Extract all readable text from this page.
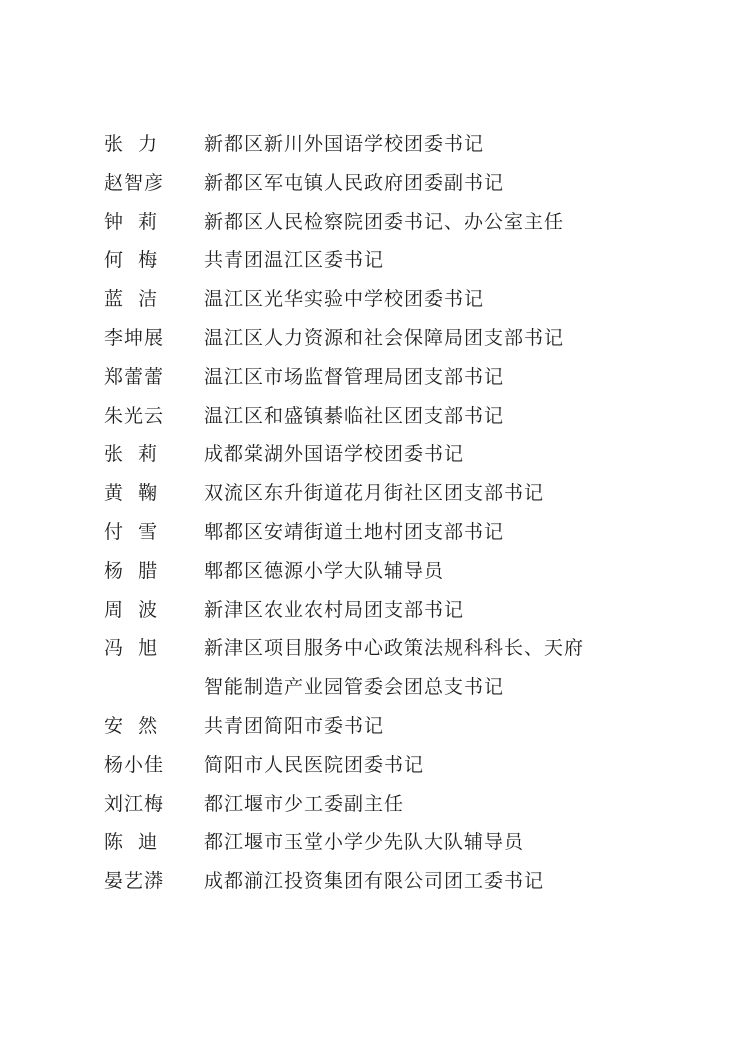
张  力	新都区新川外国语学校团委书记
赵智彦	新都区军屯镇人民政府团委副书记
钟  莉	新都区人民检察院团委书记、办公室主任
何  梅	共青团温江区委书记
蓝  洁	温江区光华实验中学校团委书记
李坤展	温江区人力资源和社会保障局团支部书记
郑蕾蕾	温江区市场监督管理局团支部书记
朱光云	温江区和盛镇綦临社区团支部书记
张  莉	成都棠湖外国语学校团委书记
黄  鞠	双流区东升街道花月街社区团支部书记
付  雪	郫都区安靖街道土地村团支部书记
杨  腊	郫都区德源小学大队辅导员
周  波	新津区农业农村局团支部书记
冯  旭	新津区项目服务中心政策法规科科长、天府
智能制造产业园管委会团总支书记
安  然	共青团简阳市委书记
杨小佳	简阳市人民医院团委书记
刘江梅	都江堰市少工委副主任
陈  迪	都江堰市玉堂小学少先队大队辅导员
晏艺漭	成都湔江投资集团有限公司团工委书记
